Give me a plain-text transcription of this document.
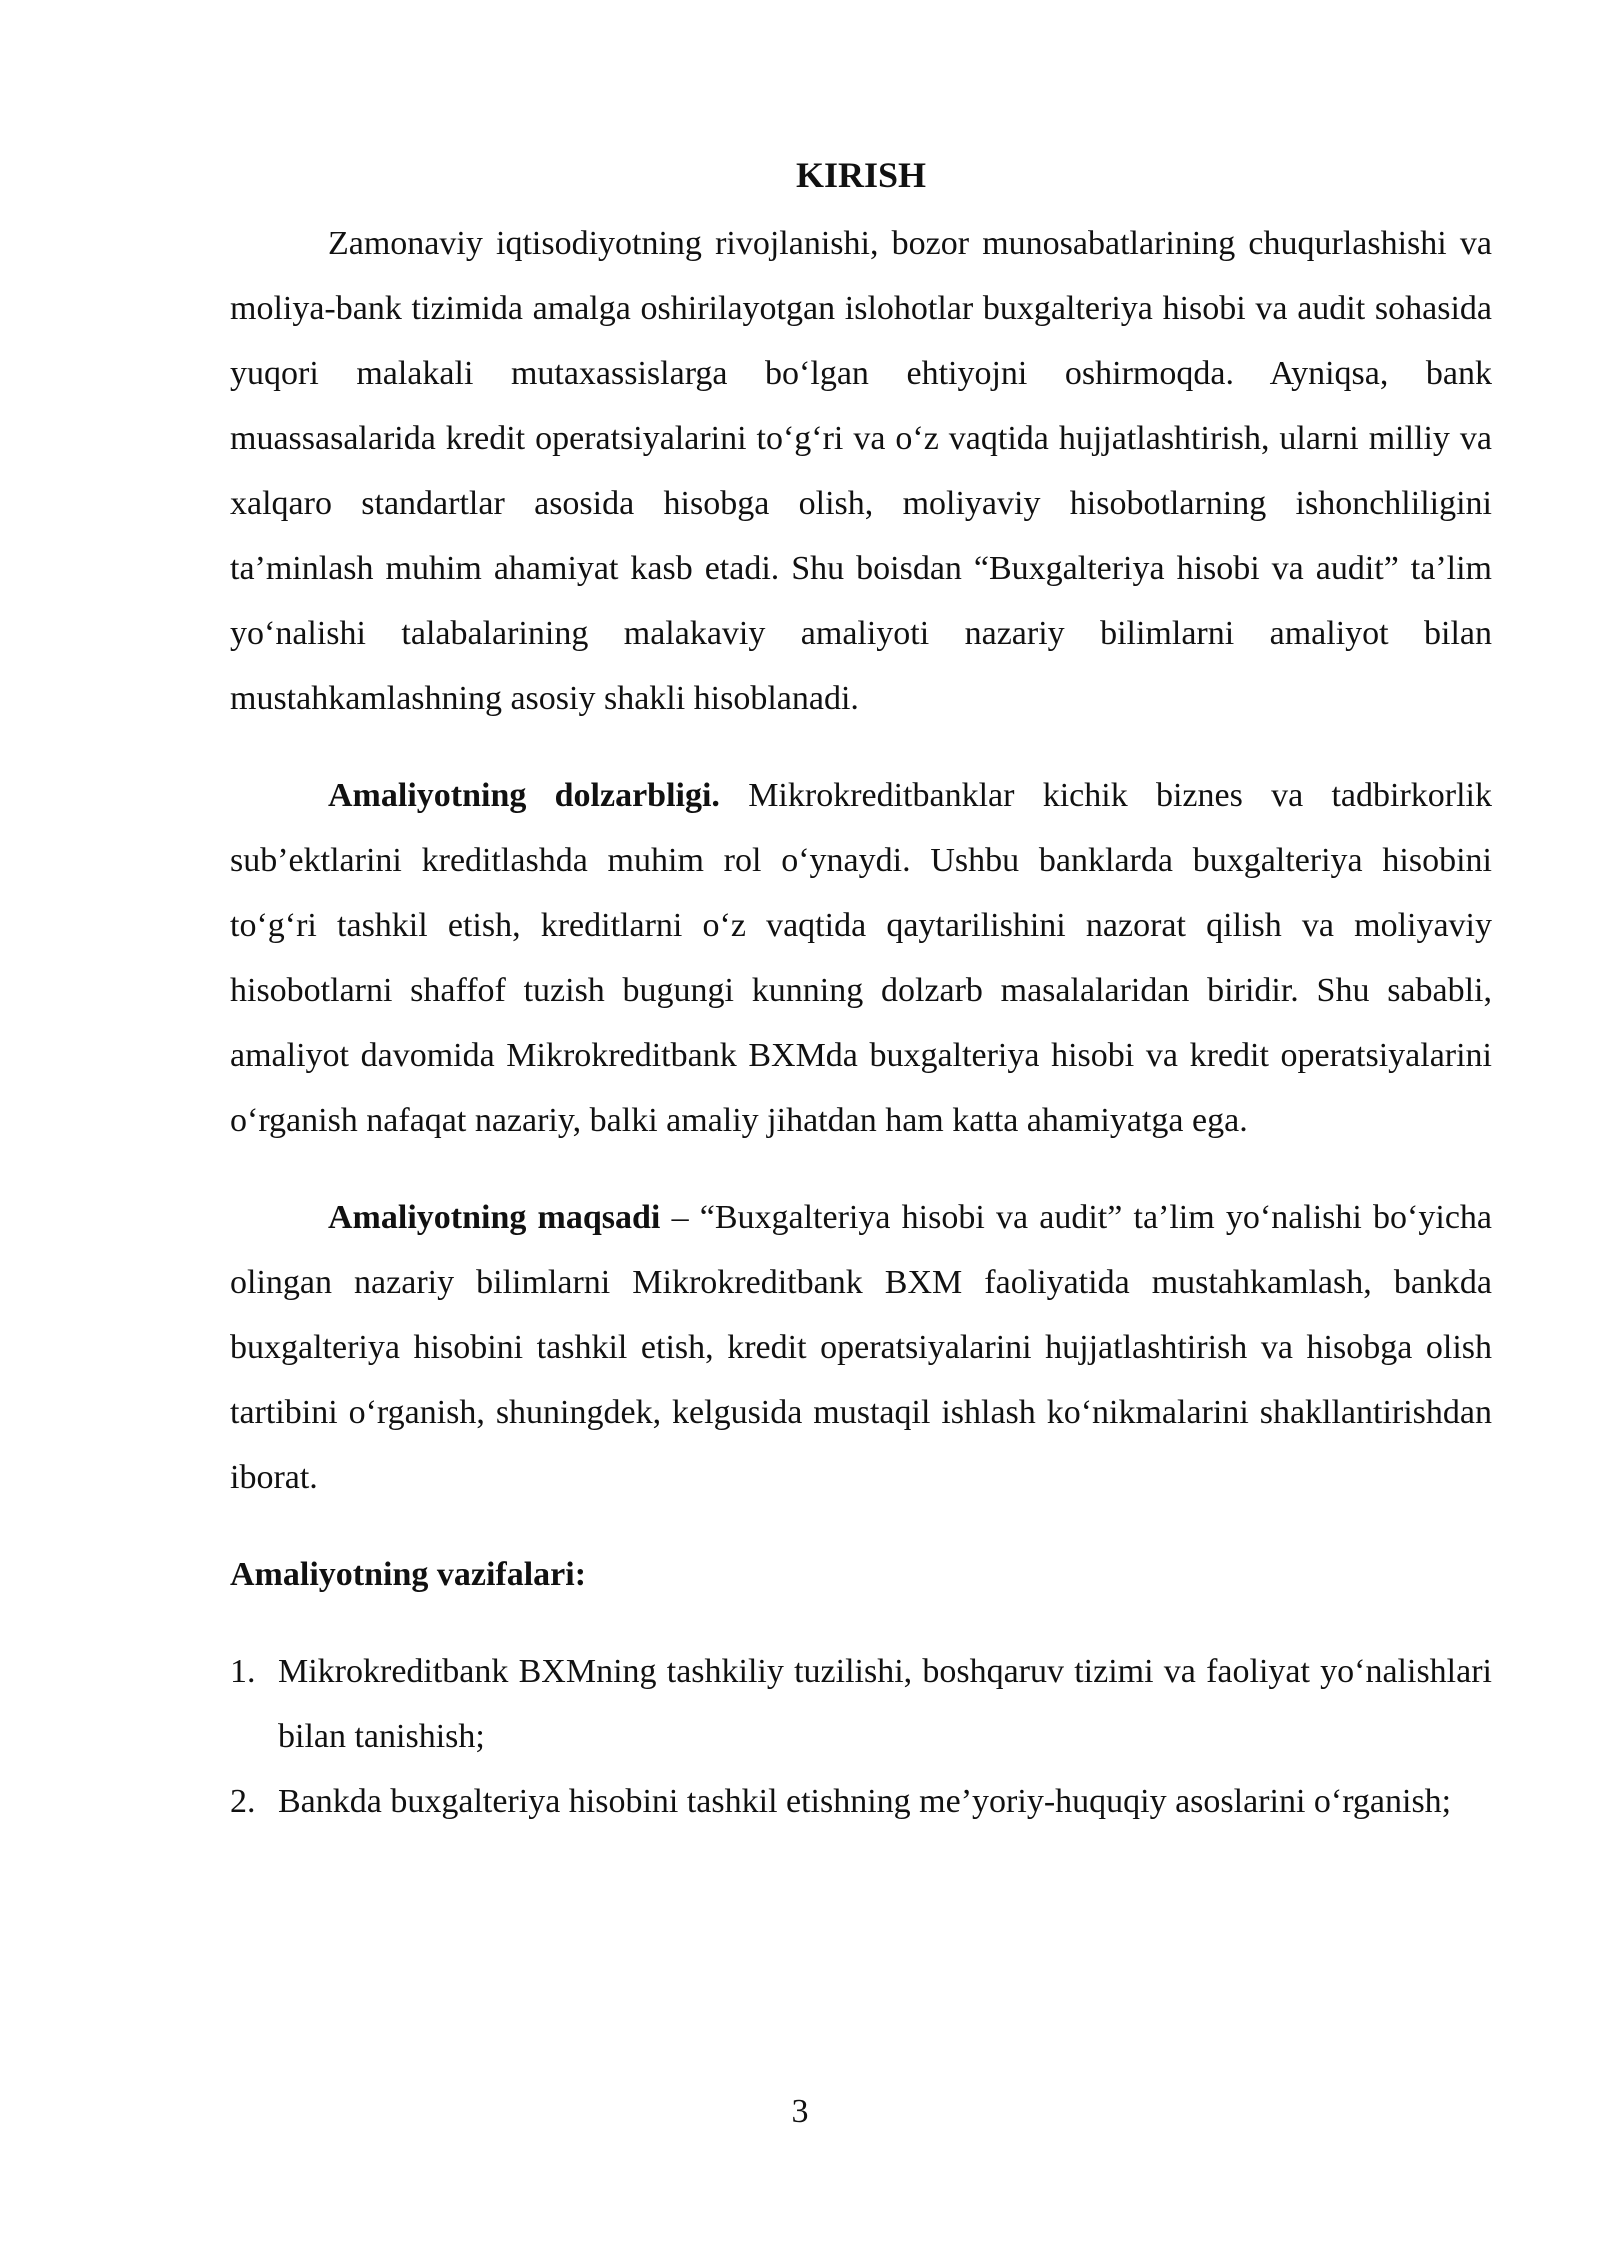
KIRISH

Zamonaviy iqtisodiyotning rivojlanishi, bozor munosabatlarining chuqurlashishi va moliya-bank tizimida amalga oshirilayotgan islohotlar buxgalteriya hisobi va audit sohasida yuqori malakali mutaxassislarga bo‘lgan ehtiyojni oshirmoqda. Ayniqsa, bank muassasalarida kredit operatsiyalarini to‘g‘ri va o‘z vaqtida hujjatlashtirish, ularni milliy va xalqaro standartlar asosida hisobga olish, moliyaviy hisobotlarning ishonchliligini ta’minlash muhim ahamiyat kasb etadi. Shu boisdan “Buxgalteriya hisobi va audit” ta’lim yo‘nalishi talabalarining malakaviy amaliyoti nazariy bilimlarni amaliyot bilan mustahkamlashning asosiy shakli hisoblanadi.

Amaliyotning dolzarbligi. Mikrokreditbanklar kichik biznes va tadbirkorlik sub’ektlarini kreditlashda muhim rol o‘ynaydi. Ushbu banklarda buxgalteriya hisobini to‘g‘ri tashkil etish, kreditlarni o‘z vaqtida qaytarilishini nazorat qilish va moliyaviy hisobotlarni shaffof tuzish bugungi kunning dolzarb masalalaridan biridir. Shu sababli, amaliyot davomida Mikrokreditbank BXMda buxgalteriya hisobi va kredit operatsiyalarini o‘rganish nafaqat nazariy, balki amaliy jihatdan ham katta ahamiyatga ega.

Amaliyotning maqsadi – “Buxgalteriya hisobi va audit” ta’lim yo‘nalishi bo‘yicha olingan nazariy bilimlarni Mikrokreditbank BXM faoliyatida mustahkamlash, bankda buxgalteriya hisobini tashkil etish, kredit operatsiyalarini hujjatlashtirish va hisobga olish tartibini o‘rganish, shuningdek, kelgusida mustaqil ishlash ko‘nikmalarini shakllantirishdan iborat.

Amaliyotning vazifalari:
1. Mikrokreditbank BXMning tashkiliy tuzilishi, boshqaruv tizimi va faoliyat yo‘nalishlari bilan tanishish;
2. Bankda buxgalteriya hisobini tashkil etishning me’yoriy-huquqiy asoslarini o‘rganish;
3
